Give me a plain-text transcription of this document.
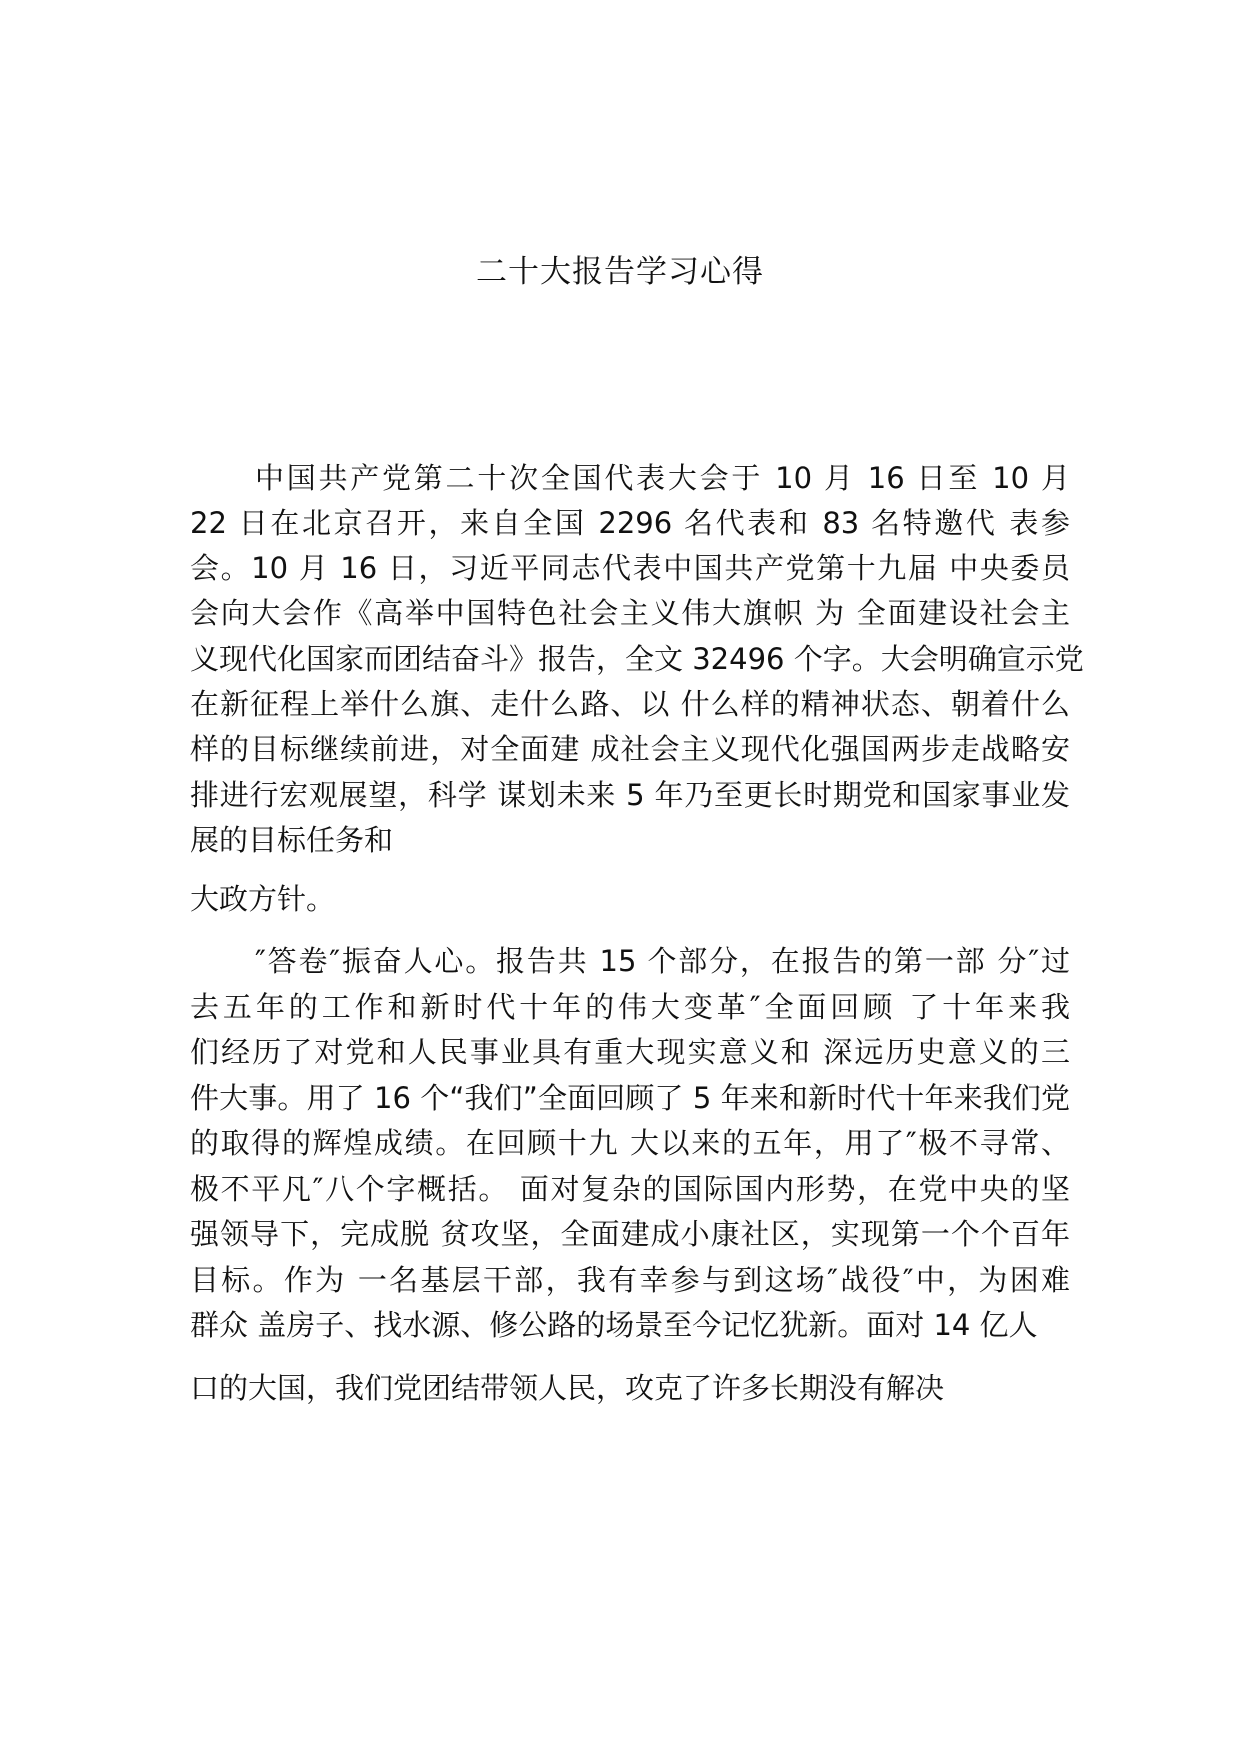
二十大报告学习心得
中国共产党第二十次全国代表大会于 10 月 16 日至 10 月
22 日在北京召开，来自全国 2296 名代表和 83 名特邀代 表参
会。10 月 16 日，习近平同志代表中国共产党第十九届 中央委员
会向大会作《高举中国特色社会主义伟大旗帜 为 全面建设社会主
义现代化国家而团结奋斗》报告，全文 32496 个字。大会明确宣示党
在新征程上举什么旗、走什么路、以 什么样的精神状态、朝着什么
样的目标继续前进，对全面建 成社会主义现代化强国两步走战略安
排进行宏观展望，科学 谋划未来 5 年乃至更长时期党和国家事业发
展的目标任务和
大政方针。
″答卷″振奋人心。报告共 15 个部分，在报告的第一部 分″过
去五年的工作和新时代十年的伟大变革″全面回顾 了十年来我
们经历了对党和人民事业具有重大现实意义和 深远历史意义的三
件大事。用了 16 个“我们”全面回顾了 5 年来和新时代十年来我们党
的取得的辉煌成绩。在回顾十九 大以来的五年，用了″极不寻常、
极不平凡″八个字概括。 面对复杂的国际国内形势，在党中央的坚
强领导下，完成脱 贫攻坚，全面建成小康社区，实现第一个个百年
目标。作为 一名基层干部，我有幸参与到这场″战役″中，为困难
群众 盖房子、找水源、修公路的场景至今记忆犹新。面对 14 亿人
口的大国，我们党团结带领人民，攻克了许多长期没有解决
